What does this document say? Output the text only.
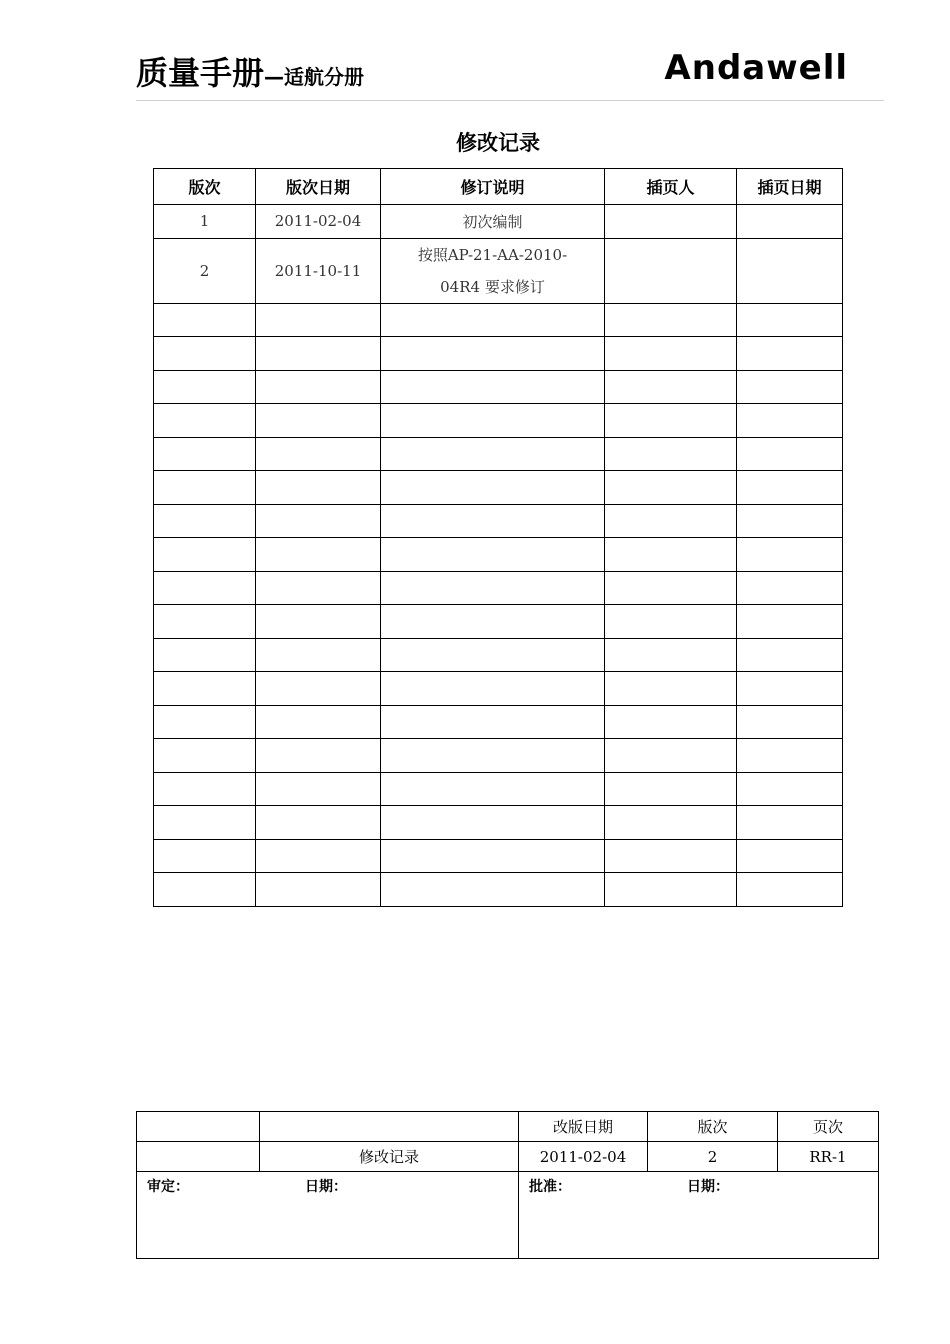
质量手册—适航分册	Andawell
修改记录
版次	版次日期	修订说明	插页人	插页日期
1	2011-02-04	初次编制		
2	2011-10-11	按照AP-21-AA-2010-
04R4 要求修订		

		改版日期	版次	页次
	修改记录	2011-02-04	2	RR-1

审定： 日期：		批准： 日期：		
